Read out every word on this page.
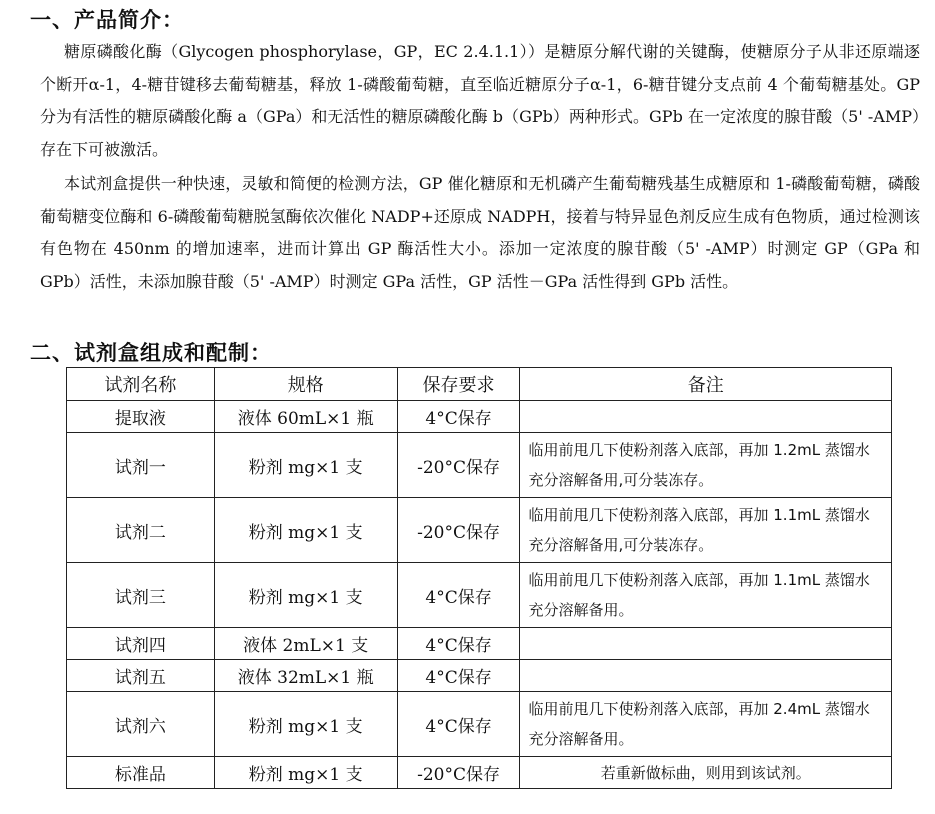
一、产品简介：

糖原磷酸化酶（Glycogen phosphorylase，GP，EC 2.4.1.1））是糖原分解代谢的关键酶，使糖原分子从非还原端逐个断开α-1，4-糖苷键移去葡萄糖基，释放 1-磷酸葡萄糖，直至临近糖原分子α-1，6-糖苷键分支点前 4 个葡萄糖基处。GP 分为有活性的糖原磷酸化酶 a（GPa）和无活性的糖原磷酸化酶 b（GPb）两种形式。GPb 在一定浓度的腺苷酸（5' -AMP）存在下可被激活。

本试剂盒提供一种快速，灵敏和简便的检测方法，GP 催化糖原和无机磷产生葡萄糖残基生成糖原和 1-磷酸葡萄糖，磷酸葡萄糖变位酶和 6-磷酸葡萄糖脱氢酶依次催化 NADP+还原成 NADPH，接着与特异显色剂反应生成有色物质，通过检测该有色物在 450nm 的增加速率，进而计算出 GP 酶活性大小。添加一定浓度的腺苷酸（5' -AMP）时测定 GP（GPa 和 GPb）活性，未添加腺苷酸（5' -AMP）时测定 GPa 活性，GP 活性－GPa 活性得到 GPb 活性。

二、试剂盒组成和配制：
试剂名称	规格	保存要求	备注
提取液	液体 60mL×1 瓶	4°C保存	
试剂一	粉剂 mg×1 支	-20°C保存	临用前甩几下使粉剂落入底部，再加 1.2mL 蒸馏水充分溶解备用,可分装冻存。
试剂二	粉剂 mg×1 支	-20°C保存	临用前甩几下使粉剂落入底部，再加 1.1mL 蒸馏水充分溶解备用,可分装冻存。
试剂三	粉剂 mg×1 支	4°C保存	临用前甩几下使粉剂落入底部，再加 1.1mL 蒸馏水充分溶解备用。
试剂四	液体 2mL×1 支	4°C保存	
试剂五	液体 32mL×1 瓶	4°C保存	
试剂六	粉剂 mg×1 支	4°C保存	临用前甩几下使粉剂落入底部，再加 2.4mL 蒸馏水充分溶解备用。
标准品	粉剂 mg×1 支	-20°C保存	若重新做标曲，则用到该试剂。
